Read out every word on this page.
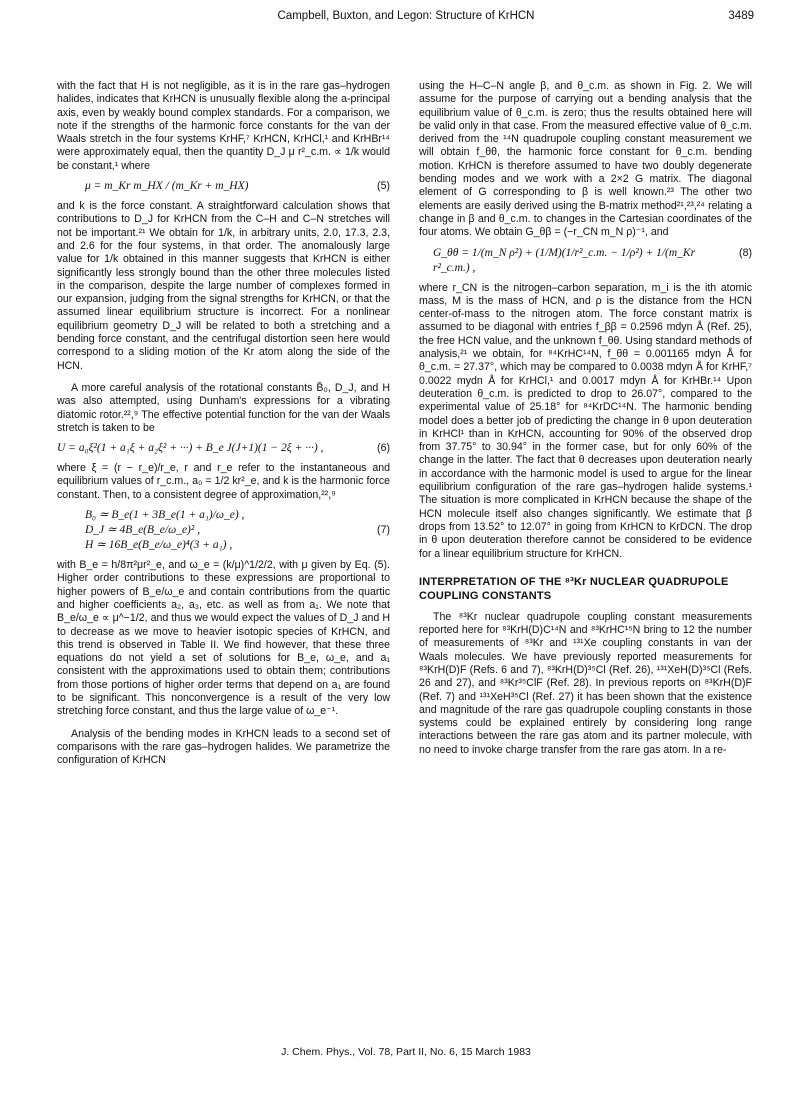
Campbell, Buxton, and Legon: Structure of KrHCN	3489

with the fact that H is not negligible, as it is in the rare gas–hydrogen halides, indicates that KrHCN is unusually flexible along the a-principal axis, even by weakly bound complex standards. For a comparison, we note if the strengths of the harmonic force constants for the van der Waals stretch in the four systems KrHF,⁷ KrHCN, KrHCl,¹ and KrHBr¹⁴ were approximately equal, then the quantity D_J μ r²_c.m. ∝ 1/k would be constant,¹ where

μ = m_Kr m_HX / (m_Kr + m_HX)	(5)

and k is the force constant. A straightforward calculation shows that contributions to D_J for KrHCN from the C–H and C–N stretches will not be important.²¹ We obtain for 1/k, in arbitrary units, 2.0, 17.3, 2.3, and 2.6 for the four systems, in that order. The anomalously large value for 1/k obtained in this manner suggests that KrHCN is either significantly less strongly bound than the other three molecules listed in the comparison, despite the large number of complexes formed in our expansion, judging from the signal strengths for KrHCN, or that the assumed linear equilibrium structure is incorrect. For a nonlinear equilibrium geometry D_J will be related to both a stretching and a bending force constant, and the centrifugal distortion seen here would correspond to a sliding motion of the Kr atom along the side of the HCN.

A more careful analysis of the rotational constants B̄₀, D_J, and H was also attempted, using Dunham's expressions for a vibrating diatomic rotor.²²,⁹ The effective potential function for the van der Waals stretch is taken to be

U = a₀ξ²(1 + a₁ξ + a₂ξ² + ···) + B_e J(J+1)(1 − 2ξ + ···) ,	(6)

where ξ = (r − r_e)/r_e, r and r_e refer to the instantaneous and equilibrium values of r_c.m., a₀ = 1/2 kr²_e, and k is the harmonic force constant. Then, to a consistent degree of approximation,²²,⁹

B₀ ≃ B_e(1 + 3B_e(1 + a₁)/ω_e) ,
D_J ≃ 4B_e(B_e/ω_e)² ,
H ≃ 16B_e(B_e/ω_e)⁴(3 + a₁) ,
(7)

with B_e = h/8π²μr²_e, and ω_e = (k/μ)^1/2/2, with μ given by Eq. (5). Higher order contributions to these expressions are proportional to higher powers of B_e/ω_e and contain contributions from the quartic and higher coefficients a₂, a₃, etc. as well as from a₁. We note that B_e/ω_e ∝ μ^−1/2, and thus we would expect the values of D_J and H to decrease as we move to heavier isotopic species of KrHCN, and this trend is observed in Table II. We find however, that these three equations do not yield a set of solutions for B_e, ω_e, and a₁ consistent with the approximations used to obtain them; contributions from those portions of higher order terms that depend on a₁ are found to be significant. This nonconvergence is a result of the very low stretching force constant, and thus the large value of ω_e⁻¹.

Analysis of the bending modes in KrHCN leads to a second set of comparisons with the rare gas–hydrogen halides. We parametrize the configuration of KrHCN

using the H–C–N angle β, and θ_c.m. as shown in Fig. 2. We will assume for the purpose of carrying out a bending analysis that the equilibrium value of θ_c.m. is zero; thus the results obtained here will be valid only in that case. From the measured effective value of θ_c.m. derived from the ¹⁴N quadrupole coupling constant measurement we will obtain f_θθ, the harmonic force constant for θ_c.m. bending motion. KrHCN is therefore assumed to have two doubly degenerate bending modes and we work with a 2×2 G matrix. The diagonal element of G corresponding to β is well known.²³ The other two elements are easily derived using the B-matrix method²¹,²³,²⁴ relating a change in β and θ_c.m. to changes in the Cartesian coordinates of the four atoms. We obtain G_θβ = (−r_CN m_N ρ)⁻¹, and

G_θθ = 1/(m_N ρ²) + (1/M)(1/r²_c.m. − 1/ρ²) + 1/(m_Kr r²_c.m.) ,
(8)

where r_CN is the nitrogen–carbon separation, m_i is the ith atomic mass, M is the mass of HCN, and ρ is the distance from the HCN center-of-mass to the nitrogen atom. The force constant matrix is assumed to be diagonal with entries f_ββ = 0.2596 mdyn Å (Ref. 25), the free HCN value, and the unknown f_θθ. Using standard methods of analysis,²¹ we obtain, for ⁸⁴KrHC¹⁴N, f_θθ = 0.001165 mdyn Å for θ_c.m. = 27.37°, which may be compared to 0.0038 mdyn Å for KrHF,⁷ 0.0022 mydn Å for KrHCl,¹ and 0.0017 mdyn Å for KrHBr.¹⁴ Upon deuteration θ_c.m. is predicted to drop to 26.07°, compared to the experimental value of 25.18° for ⁸⁴KrDC¹⁴N. The harmonic bending model does a better job of predicting the change in θ upon deuteration in KrHCl¹ than in KrHCN, accounting for 90% of the observed drop from 37.75° to 30.94° in the former case, but for only 60% of the change in the latter. The fact that θ decreases upon deuteration nearly in accordance with the harmonic model is used to argue for the linear equilibrium configuration of the rare gas–hydrogen halide systems.¹ The situation is more complicated in KrHCN because the shape of the HCN molecule itself also changes significantly. We estimate that β drops from 13.52° to 12.07° in going from KrHCN to KrDCN. The drop in θ upon deuteration therefore cannot be considered to be evidence for a linear equilibrium structure for KrHCN.

INTERPRETATION OF THE ⁸³Kr NUCLEAR QUADRUPOLE COUPLING CONSTANTS

The ⁸³Kr nuclear quadrupole coupling constant measurements reported here for ⁸³KrH(D)C¹⁴N and ⁸³KrHC¹⁵N bring to 12 the number of measurements of ⁸³Kr and ¹³¹Xe coupling constants in van der Waals molecules. We have previously reported measurements for ⁸³KrH(D)F (Refs. 6 and 7), ⁸³KrH(D)³⁵Cl (Ref. 26), ¹³¹XeH(D)³⁵Cl (Refs. 26 and 27), and ⁸³Kr³⁵ClF (Ref. 28). In previous reports on ⁸³KrH(D)F (Ref. 7) and ¹³¹XeH³⁵Cl (Ref. 27) it has been shown that the existence and magnitude of the rare gas quadrupole coupling constants in those systems could be explained entirely by considering long range interactions between the rare gas atom and its partner molecule, with no need to invoke charge transfer from the rare gas atom. In a re-

J. Chem. Phys., Vol. 78, Part II, No. 6, 15 March 1983
